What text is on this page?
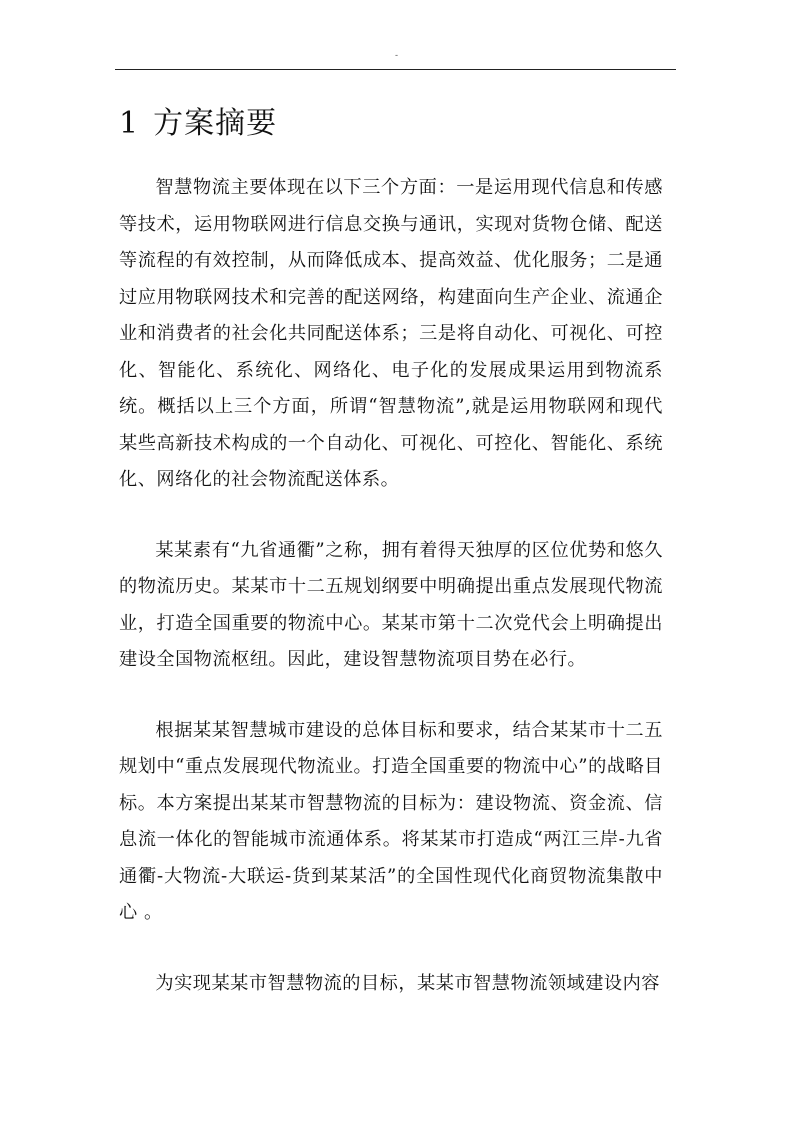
-
1 方案摘要

智慧物流主要体现在以下三个方面：一是运用现代信息和传感等技术，运用物联网进行信息交换与通讯，实现对货物仓储、配送等流程的有效控制，从而降低成本、提高效益、优化服务；二是通过应用物联网技术和完善的配送网络，构建面向生产企业、流通企业和消费者的社会化共同配送体系；三是将自动化、可视化、可控化、智能化、系统化、网络化、电子化的发展成果运用到物流系统。概括以上三个方面，所谓“智慧物流”,就是运用物联网和现代某些高新技术构成的一个自动化、可视化、可控化、智能化、系统化、网络化的社会物流配送体系。

某某素有“九省通衢”之称，拥有着得天独厚的区位优势和悠久的物流历史。某某市十二五规划纲要中明确提出重点发展现代物流业，打造全国重要的物流中心。某某市第十二次党代会上明确提出建设全国物流枢纽。因此，建设智慧物流项目势在必行。

根据某某智慧城市建设的总体目标和要求，结合某某市十二五规划中“重点发展现代物流业。打造全国重要的物流中心”的战略目标。本方案提出某某市智慧物流的目标为：建设物流、资金流、信息流一体化的智能城市流通体系。将某某市打造成“两江三岸-九省通衢-大物流-大联运-货到某某活”的全国性现代化商贸物流集散中心 。

为实现某某市智慧物流的目标，某某市智慧物流领域建设内容
